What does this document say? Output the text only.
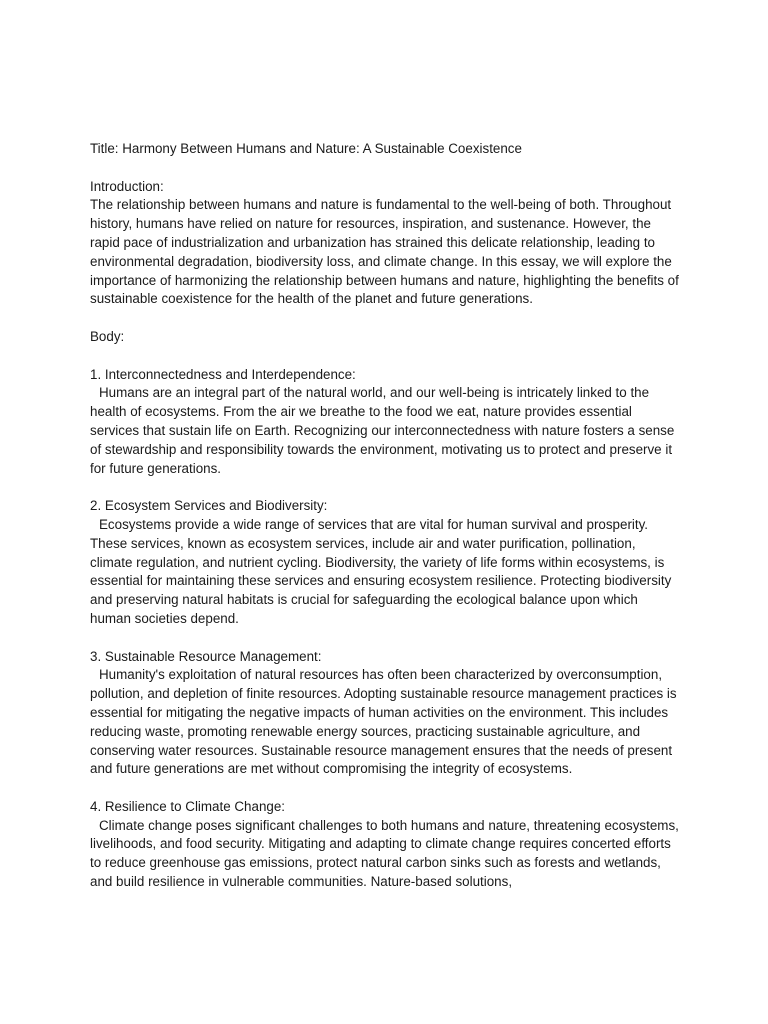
Title: Harmony Between Humans and Nature: A Sustainable Coexistence

Introduction:

The relationship between humans and nature is fundamental to the well-being of both. Throughout history, humans have relied on nature for resources, inspiration, and sustenance. However, the rapid pace of industrialization and urbanization has strained this delicate relationship, leading to environmental degradation, biodiversity loss, and climate change. In this essay, we will explore the importance of harmonizing the relationship between humans and nature, highlighting the benefits of sustainable coexistence for the health of the planet and future generations.

Body:

1. Interconnectedness and Interdependence:

Humans are an integral part of the natural world, and our well-being is intricately linked to the health of ecosystems. From the air we breathe to the food we eat, nature provides essential services that sustain life on Earth. Recognizing our interconnectedness with nature fosters a sense of stewardship and responsibility towards the environment, motivating us to protect and preserve it for future generations.

2. Ecosystem Services and Biodiversity:

Ecosystems provide a wide range of services that are vital for human survival and prosperity. These services, known as ecosystem services, include air and water purification, pollination, climate regulation, and nutrient cycling. Biodiversity, the variety of life forms within ecosystems, is essential for maintaining these services and ensuring ecosystem resilience. Protecting biodiversity and preserving natural habitats is crucial for safeguarding the ecological balance upon which human societies depend.

3. Sustainable Resource Management:

Humanity's exploitation of natural resources has often been characterized by overconsumption, pollution, and depletion of finite resources. Adopting sustainable resource management practices is essential for mitigating the negative impacts of human activities on the environment. This includes reducing waste, promoting renewable energy sources, practicing sustainable agriculture, and conserving water resources. Sustainable resource management ensures that the needs of present and future generations are met without compromising the integrity of ecosystems.

4. Resilience to Climate Change:

Climate change poses significant challenges to both humans and nature, threatening ecosystems, livelihoods, and food security. Mitigating and adapting to climate change requires concerted efforts to reduce greenhouse gas emissions, protect natural carbon sinks such as forests and wetlands, and build resilience in vulnerable communities. Nature-based solutions,
